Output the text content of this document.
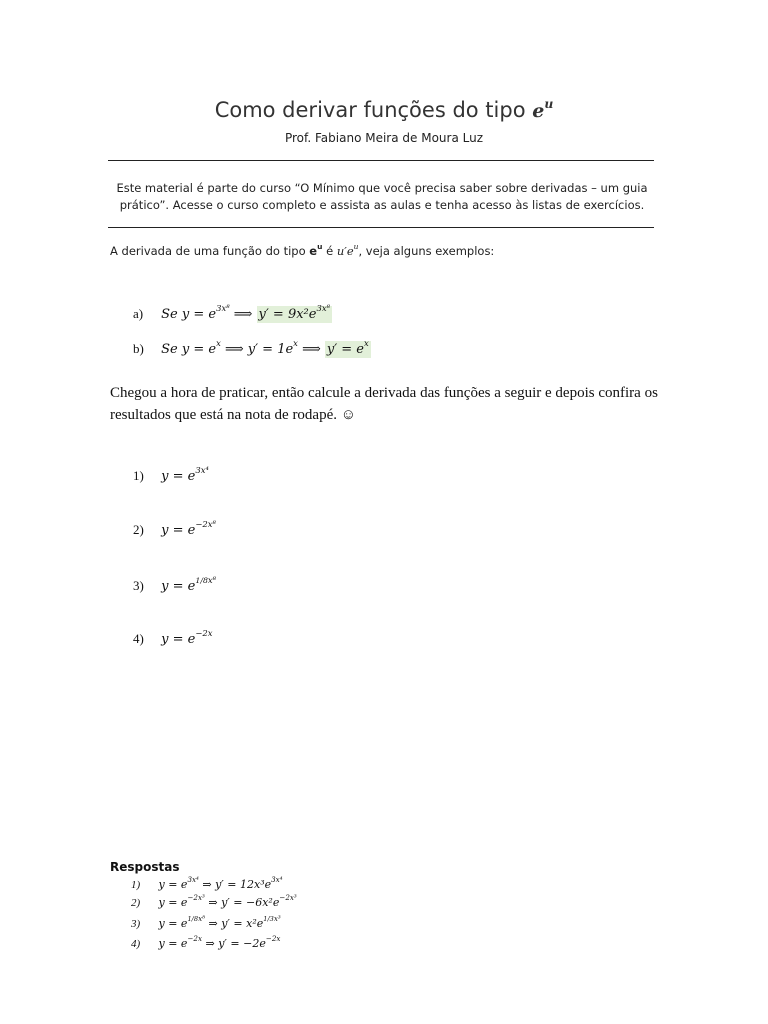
Como derivar funções do tipo $e^u$
Prof. Fabiano Meira de Moura Luz
Este material é parte do curso “O Mínimo que você precisa saber sobre derivadas – um guia prático”. Acesse o curso completo e assista as aulas e tenha acesso às listas de exercícios.
A derivada de uma função do tipo $e^u$ é $u'e^u$, veja alguns exemplos:
a) Se $y = e^{3x^8}$ ⟹ $y' = 9x^2e^{3x^8}$
b) Se $y = e^x$ ⟹ $y' = 1e^x$ ⟹ $y' = e^x$
Chegou a hora de praticar, então calcule a derivada das funções a seguir e depois confira os resultados que está na nota de rodapé. ☺
1) $y = e^{3x^4}$
2) $y = e^{-2x^8}$
3) $y = e1/8^{x^8}$
4) $y = e^{-2x}$
Respostas
1) $y = e^{3x^4}$ ⇒ $y' = 12x^3e^{3x^4}$
2) $y = e^{-2x^3}$ ⇒ $y' = -6x^2e^{-2x^3}$
3) $y = e1/8^{x^8}$ ⇒ $y' = x^2e1/3^{x^3}$
4) $y = e^{-2x}$ ⇒ $y' = -2e^{-2x}$
